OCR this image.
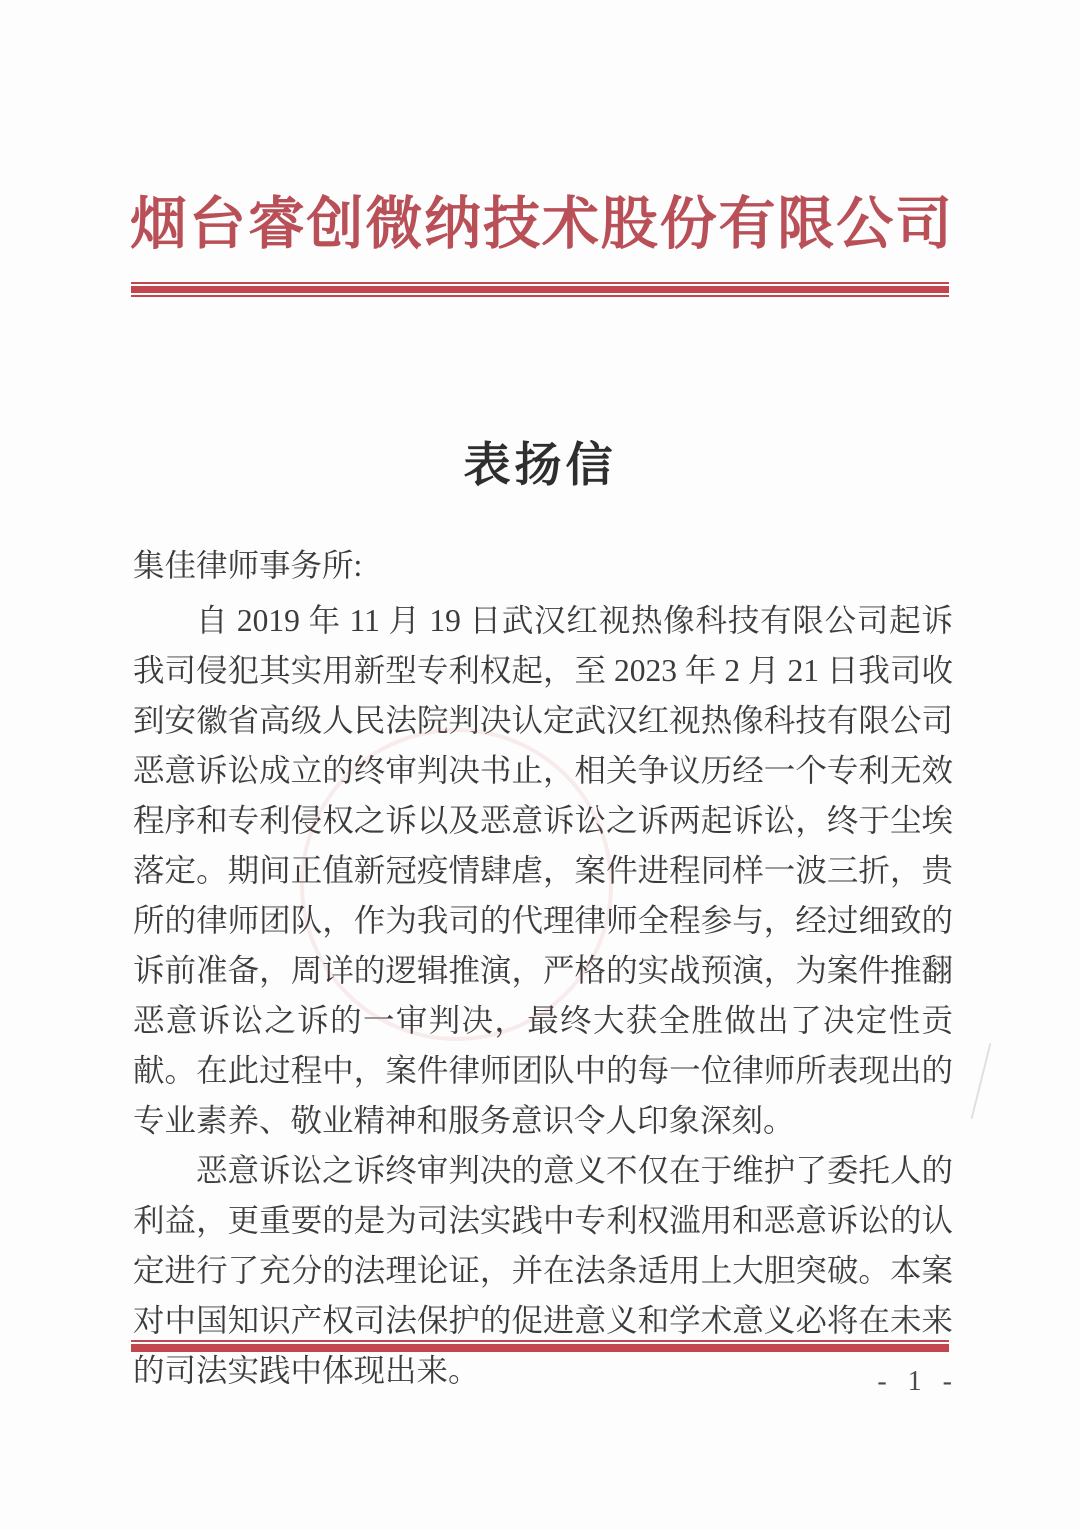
烟台睿创微纳技术股份有限公司
表扬信

集佳律师事务所:

自 2019 年 11 月 19 日武汉红视热像科技有限公司起诉我司侵犯其实用新型专利权起，至 2023 年 2 月 21 日我司收到安徽省高级人民法院判决认定武汉红视热像科技有限公司恶意诉讼成立的终审判决书止，相关争议历经一个专利无效程序和专利侵权之诉以及恶意诉讼之诉两起诉讼，终于尘埃落定。期间正值新冠疫情肆虐，案件进程同样一波三折，贵所的律师团队，作为我司的代理律师全程参与，经过细致的诉前准备，周详的逻辑推演，严格的实战预演，为案件推翻恶意诉讼之诉的一审判决，最终大获全胜做出了决定性贡献。在此过程中，案件律师团队中的每一位律师所表现出的专业素养、敬业精神和服务意识令人印象深刻。

恶意诉讼之诉终审判决的意义不仅在于维护了委托人的利益，更重要的是为司法实践中专利权滥用和恶意诉讼的认定进行了充分的法理论证，并在法条适用上大胆突破。本案对中国知识产权司法保护的促进意义和学术意义必将在未来的司法实践中体现出来。	- 1 -
